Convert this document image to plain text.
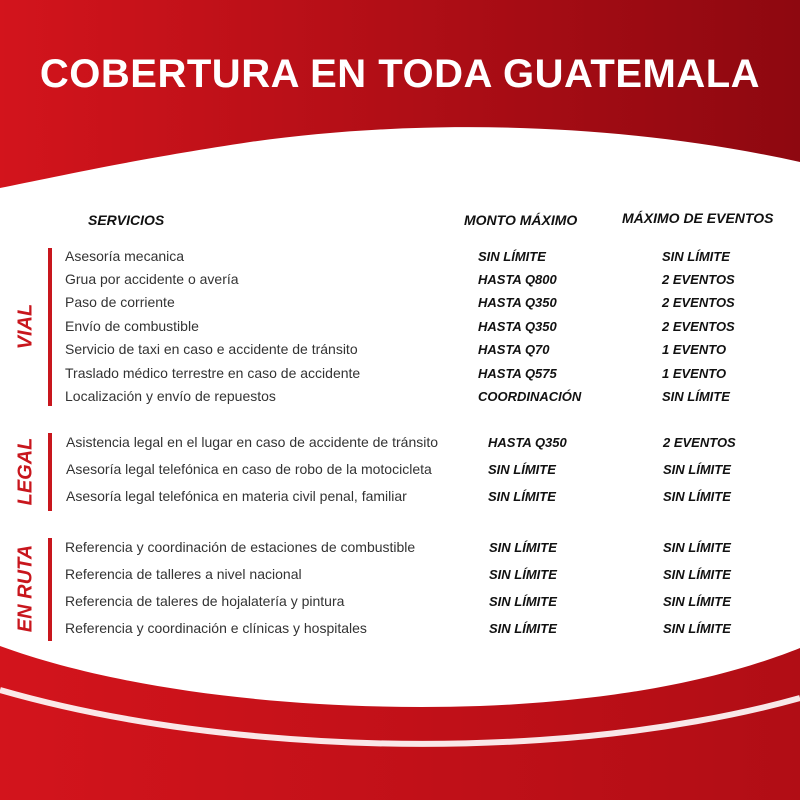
COBERTURA EN TODA GUATEMALA
SERVICIOS	MONTO MÁXIMO	MÁXIMO DE EVENTOS
VIAL
Asesoría mecanica	SIN LÍMITE	SIN LÍMITE
Grua por accidente o avería	HASTA Q800	2 EVENTOS
Paso de corriente	HASTA Q350	2 EVENTOS
Envío de combustible	HASTA Q350	2 EVENTOS
Servicio de taxi en caso e accidente de tránsito	HASTA Q70	1 EVENTO
Traslado médico terrestre en caso de accidente	HASTA Q575	1 EVENTO
Localización y envío de repuestos	COORDINACIÓN	SIN LÍMITE
LEGAL Asistencia legal en el lugar en caso de accidente de tránsito	HASTA Q350	2 EVENTOS
Asesoría legal telefónica en caso de robo de la motocicleta	SIN LÍMITE	SIN LÍMITE
Asesoría legal telefónica en materia civil penal, familiar	SIN LÍMITE	SIN LÍMITE
EN RUTA Referencia y coordinación de estaciones de combustible	SIN LÍMITE	SIN LÍMITE
Referencia de talleres a nivel nacional	SIN LÍMITE	SIN LÍMITE
Referencia de taleres de hojalatería y pintura	SIN LÍMITE	SIN LÍMITE
Referencia y coordinación e clínicas y hospitales	SIN LÍMITE	SIN LÍMITE
